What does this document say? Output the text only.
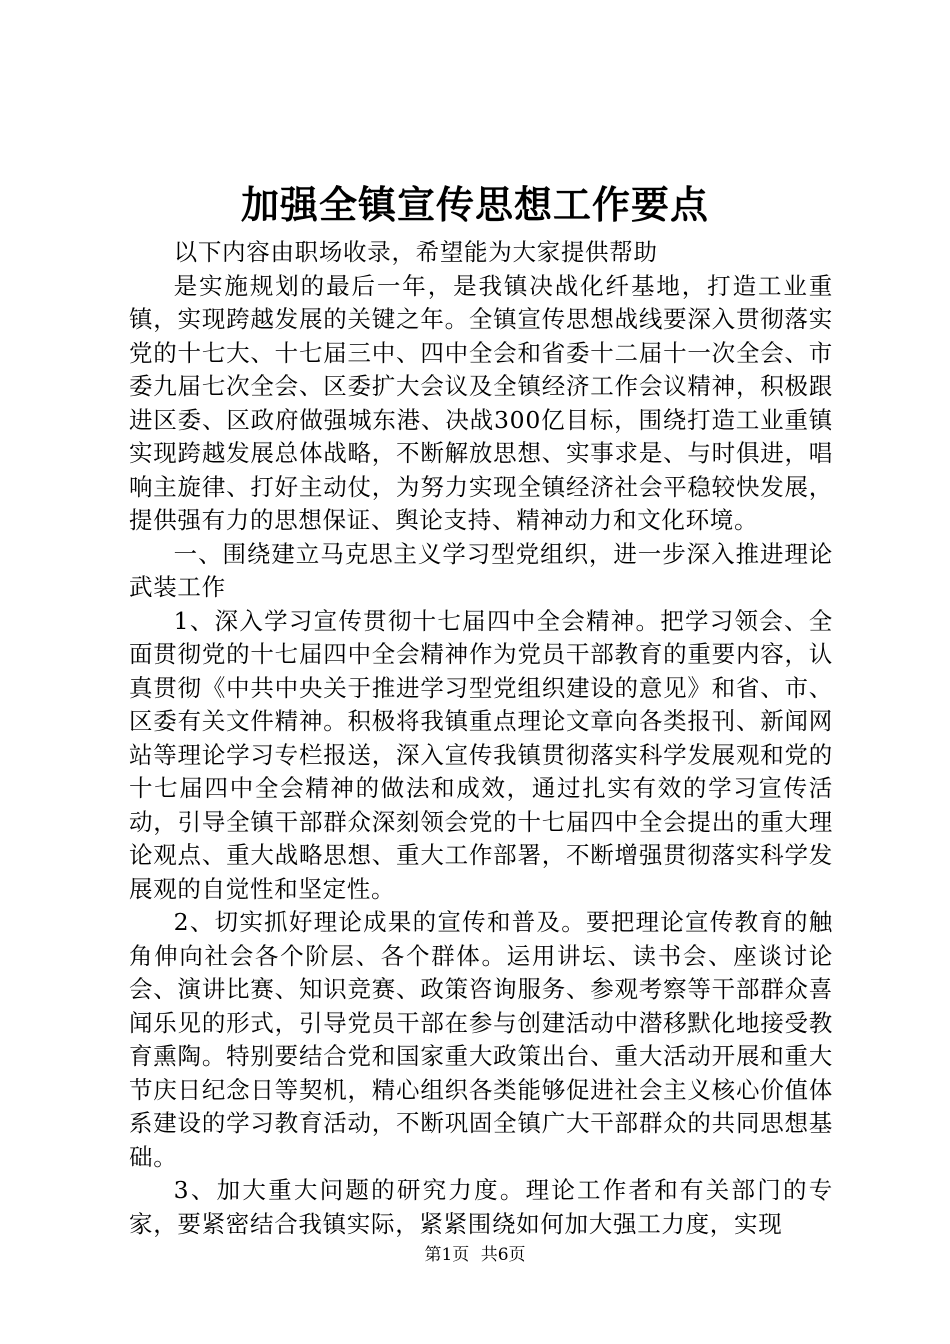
加强全镇宣传思想工作要点

以下内容由职场收录，希望能为大家提供帮助

是实施规划的最后一年，是我镇决战化纤基地，打造工业重镇，实现跨越发展的关键之年。全镇宣传思想战线要深入贯彻落实党的十七大、十七届三中、四中全会和省委十二届十一次全会、市委九届七次全会、区委扩大会议及全镇经济工作会议精神，积极跟进区委、区政府做强城东港、决战300亿目标，围绕打造工业重镇实现跨越发展总体战略，不断解放思想、实事求是、与时俱进，唱响主旋律、打好主动仗，为努力实现全镇经济社会平稳较快发展，提供强有力的思想保证、舆论支持、精神动力和文化环境。

一、围绕建立马克思主义学习型党组织，进一步深入推进理论武装工作

1、深入学习宣传贯彻十七届四中全会精神。把学习领会、全面贯彻党的十七届四中全会精神作为党员干部教育的重要内容，认真贯彻《中共中央关于推进学习型党组织建设的意见》和省、市、区委有关文件精神。积极将我镇重点理论文章向各类报刊、新闻网站等理论学习专栏报送，深入宣传我镇贯彻落实科学发展观和党的十七届四中全会精神的做法和成效，通过扎实有效的学习宣传活动，引导全镇干部群众深刻领会党的十七届四中全会提出的重大理论观点、重大战略思想、重大工作部署，不断增强贯彻落实科学发展观的自觉性和坚定性。

2、切实抓好理论成果的宣传和普及。要把理论宣传教育的触角伸向社会各个阶层、各个群体。运用讲坛、读书会、座谈讨论会、演讲比赛、知识竞赛、政策咨询服务、参观考察等干部群众喜闻乐见的形式，引导党员干部在参与创建活动中潜移默化地接受教育熏陶。特别要结合党和国家重大政策出台、重大活动开展和重大节庆日纪念日等契机，精心组织各类能够促进社会主义核心价值体系建设的学习教育活动，不断巩固全镇广大干部群众的共同思想基础。

3、加大重大问题的研究力度。理论工作者和有关部门的专家，要紧密结合我镇实际，紧紧围绕如何加大强工力度，实现

第1页 共6页
